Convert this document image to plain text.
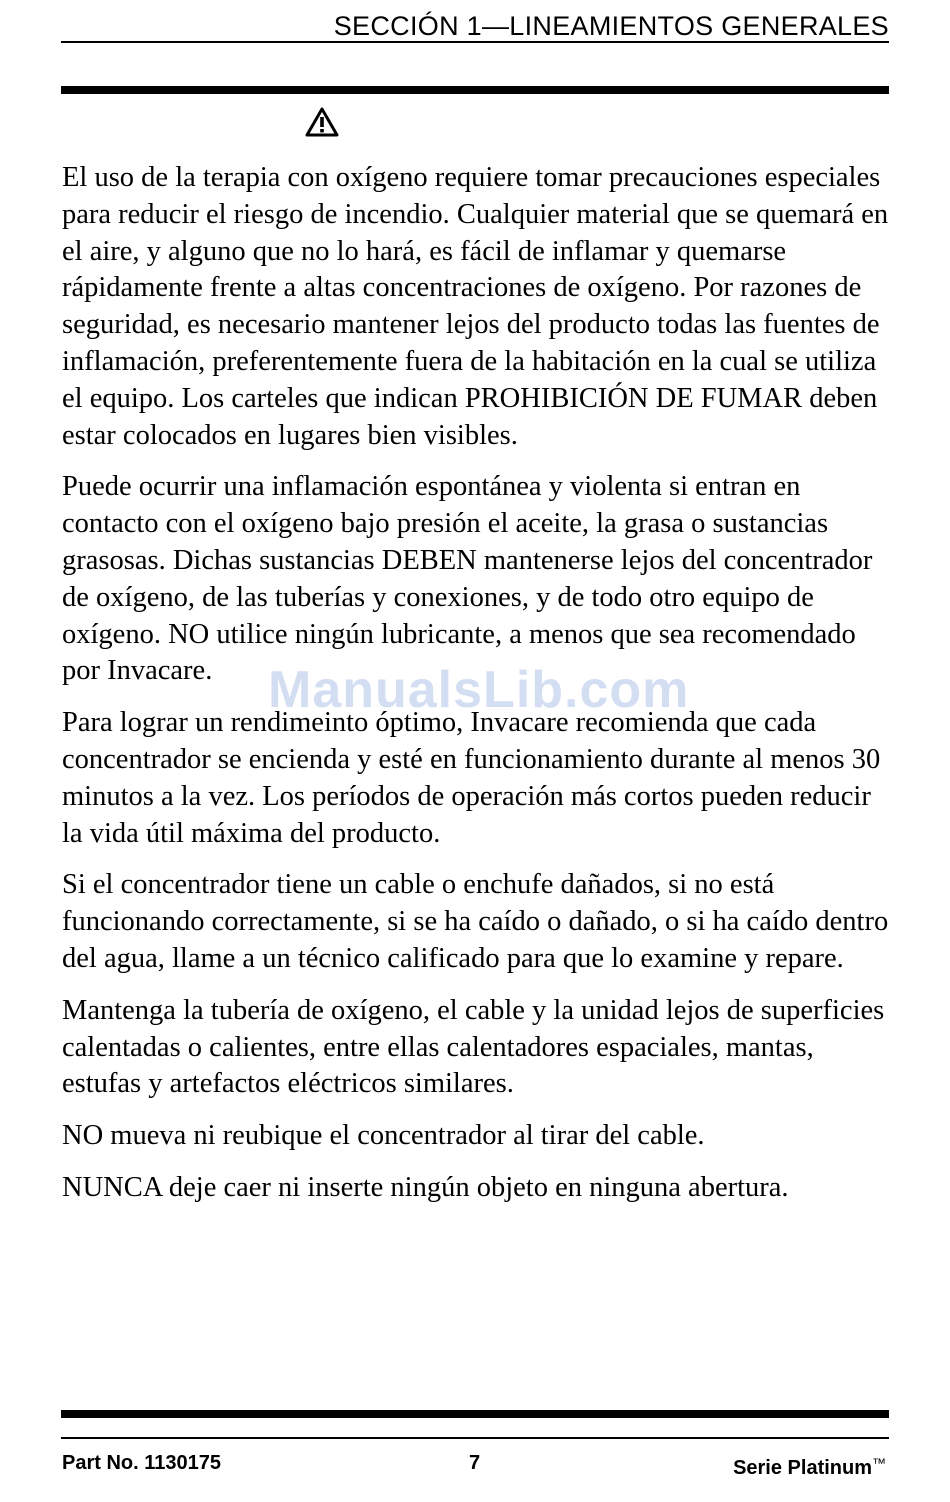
SECCIÓN 1—LINEAMIENTOS GENERALES

El uso de la terapia con oxígeno requiere tomar precauciones especiales para reducir el riesgo de incendio. Cualquier material que se quemará en el aire, y alguno que no lo hará, es fácil de inflamar y quemarse rápidamente frente a altas concentraciones de oxígeno. Por razones de seguridad, es necesario mantener lejos del producto todas las fuentes de inflamación, preferentemente fuera de la habitación en la cual se utiliza el equipo. Los carteles que indican PROHIBICIÓN DE FUMAR deben estar colocados en lugares bien visibles.

Puede ocurrir una inflamación espontánea y violenta si entran en contacto con el oxígeno bajo presión el aceite, la grasa o sustancias grasosas. Dichas sustancias DEBEN mantenerse lejos del concentrador de oxígeno, de las tuberías y conexiones, y de todo otro equipo de oxígeno. NO utilice ningún lubricante, a menos que sea recomendado por Invacare.

Para lograr un rendimeinto óptimo, Invacare recomienda que cada concentrador se encienda y esté en funcionamiento durante al menos 30 minutos a la vez. Los períodos de operación más cortos pueden reducir la vida útil máxima del producto.

Si el concentrador tiene un cable o enchufe dañados, si no está funcionando correctamente, si se ha caído o dañado, o si ha caído dentro del agua, llame a un técnico calificado para que lo examine y repare.

Mantenga la tubería de oxígeno, el cable y la unidad lejos de superficies calentadas o calientes, entre ellas calentadores espaciales, mantas, estufas y artefactos eléctricos similares.

NO mueva ni reubique el concentrador al tirar del cable.

NUNCA deje caer ni inserte ningún objeto en ninguna abertura.

ManualsLib.com
Part No. 1130175	7	Serie Platinum™
